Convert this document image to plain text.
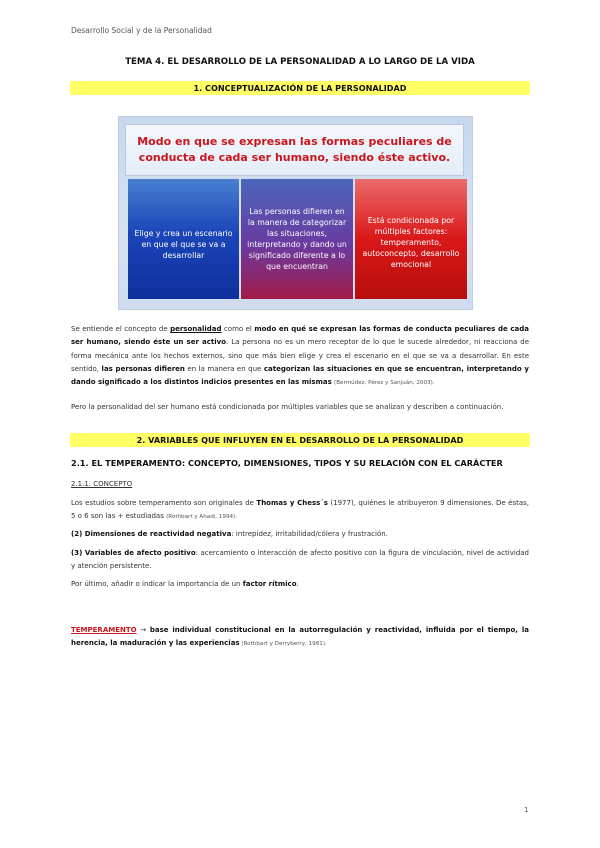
Desarrollo Social y de la Personalidad
TEMA 4. EL DESARROLLO DE LA PERSONALIDAD A LO LARGO DE LA VIDA
1. CONCEPTUALIZACIÓN DE LA PERSONALIDAD
Modo en que se expresan las formas peculiares de conducta de cada ser humano, siendo éste activo.
Elige y crea un escenario en que el que se va a desarrollar
Las personas difieren en la manera de categorizar las situaciones, interpretando y dando un significado diferente a lo que encuentran
Está condicionada por múltiples factores: temperamento, autoconcepto, desarrollo emocional
Se entiende el concepto de personalidad como el modo en qué se expresan las formas de conducta peculiares de cada ser humano, siendo éste un ser activo. La persona no es un mero receptor de lo que le sucede alrededor, ni reacciona de forma mecánica ante los hechos externos, sino que más bien elige y crea el escenario en el que se va a desarrollar. En este sentido, las personas difieren en la manera en que categorizan las situaciones en que se encuentran, interpretando y dando significado a los distintos indicios presentes en las mismas (Bermúdez, Pérez y Sanjuán, 2003).
Pero la personalidad del ser humano está condicionada por múltiples variables que se analizan y describen a continuación.
2. VARIABLES QUE INFLUYEN EN EL DESARROLLO DE LA PERSONALIDAD
2.1. EL TEMPERAMENTO: CONCEPTO, DIMENSIONES, TIPOS Y SU RELACIÓN CON EL CARÁCTER
2.1.1. CONCEPTO
Los estudios sobre temperamento son originales de Thomas y Chess´s (1977), quiénes le atribuyeron 9 dimensiones. De éstas, 5 o 6 son las + estudiadas (Rothbart y Ahadi, 1994).
(2) Dimensiones de reactividad negativa: intrepidez, irritabilidad/cólera y frustración.
(3) Variables de afecto positivo: acercamiento o interacción de afecto positivo con la figura de vinculación, nivel de actividad y atención persistente.
Por último, añadir o indicar la importancia de un factor rítmico.
TEMPERAMENTO → base individual constitucional en la autorregulación y reactividad, influida por el tiempo, la herencia, la maduración y las experiencias (Rothbart y Derryberry, 1981).
1
